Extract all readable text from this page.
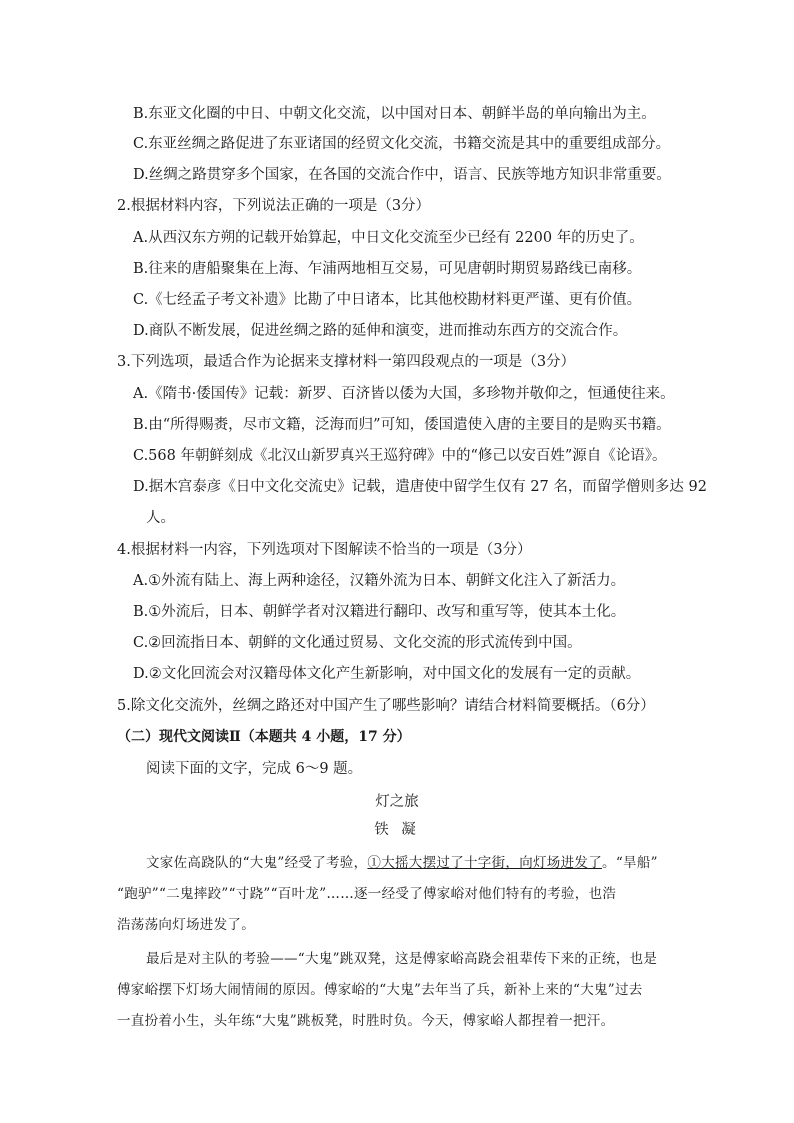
B.东亚文化圈的中日、中朝文化交流，以中国对日本、朝鲜半岛的单向输出为主。
C.东亚丝绸之路促进了东亚诸国的经贸文化交流，书籍交流是其中的重要组成部分。
D.丝绸之路贯穿多个国家，在各国的交流合作中，语言、民族等地方知识非常重要。
2.根据材料内容，下列说法正确的一项是（3分）
A.从西汉东方朔的记载开始算起，中日文化交流至少已经有 2200 年的历史了。
B.往来的唐船聚集在上海、乍浦两地相互交易，可见唐朝时期贸易路线已南移。
C.《七经孟子考文补遗》比勘了中日诸本，比其他校勘材料更严谨、更有价值。
D.商队不断发展，促进丝绸之路的延伸和演变，进而推动东西方的交流合作。
3.下列选项，最适合作为论据来支撑材料一第四段观点的一项是（3分）
A.《隋书·倭国传》记载：新罗、百济皆以倭为大国，多珍物并敬仰之，恒通使往来。
B.由“所得赐赉，尽市文籍，泛海而归”可知，倭国遣使入唐的主要目的是购买书籍。
C.568 年朝鲜刻成《北汉山新罗真兴王巡狩碑》中的“修己以安百姓”源自《论语》。
D.据木宫泰彦《日中文化交流史》记载，遣唐使中留学生仅有 27 名，而留学僧则多达 92
人。
4.根据材料一内容，下列选项对下图解读不恰当的一项是（3分）
A.①外流有陆上、海上两种途径，汉籍外流为日本、朝鲜文化注入了新活力。
B.①外流后，日本、朝鲜学者对汉籍进行翻印、改写和重写等，使其本土化。
C.②回流指日本、朝鲜的文化通过贸易、文化交流的形式流传到中国。
D.②文化回流会对汉籍母体文化产生新影响，对中国文化的发展有一定的贡献。
5.除文化交流外，丝绸之路还对中国产生了哪些影响？请结合材料简要概括。（6分）
（二）现代文阅读Ⅱ（本题共 4 小题，17 分）
阅读下面的文字，完成 6～9 题。
灯之旅
铁 凝
文家佐高跷队的“大鬼”经受了考验，①大摇大摆过了十字街，向灯场进发了。“旱船”
“跑驴”“二鬼摔跤”“寸跷”“百叶龙”……逐一经受了傅家峪对他们特有的考验，也浩
浩荡荡向灯场进发了。
最后是对主队的考验——“大鬼”跳双凳，这是傅家峪高跷会祖辈传下来的正统，也是
傅家峪摆下灯场大闹情闹的原因。傅家峪的“大鬼”去年当了兵，新补上来的“大鬼”过去
一直扮着小生，头年练“大鬼”跳板凳，时胜时负。今天，傅家峪人都捏着一把汗。
